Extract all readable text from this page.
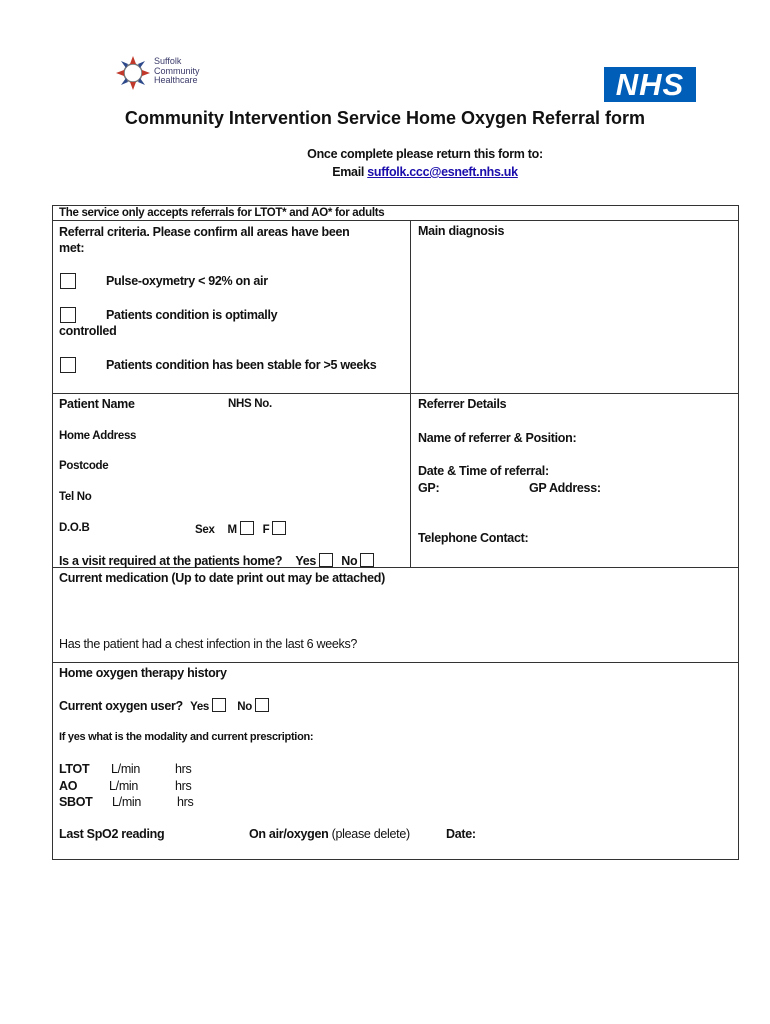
Suffolk
Community
Healthcare	NHS
Community Intervention Service Home Oxygen Referral form
Once complete please return this form to:
Email suffolk.ccc@esneft.nhs.uk
The service only accepts referrals for LTOT* and AO* for adults
Referral criteria. Please confirm all areas have been
met:
Pulse-oxymetry < 92% on air
Patients condition is optimally
controlled
Patients condition has been stable for >5 weeks
Main diagnosis
Patient Name	NHS No.
Home Address
Postcode
Tel No
D.O.B	Sex M F
Is a visit required at the patients home? Yes No
Referrer Details
Name of referrer & Position:
Date & Time of referral:
GP:	GP Address:
Telephone Contact:
Current medication (Up to date print out may be attached)
Has the patient had a chest infection in the last 6 weeks?
Home oxygen therapy history
Current oxygen user? Yes No
If yes what is the modality and current prescription:
LTOT L/min	hrs
AO	L/min	hrs
SBOT L/min	hrs
Last SpO2 reading	On air/oxygen (please delete)	Date:
